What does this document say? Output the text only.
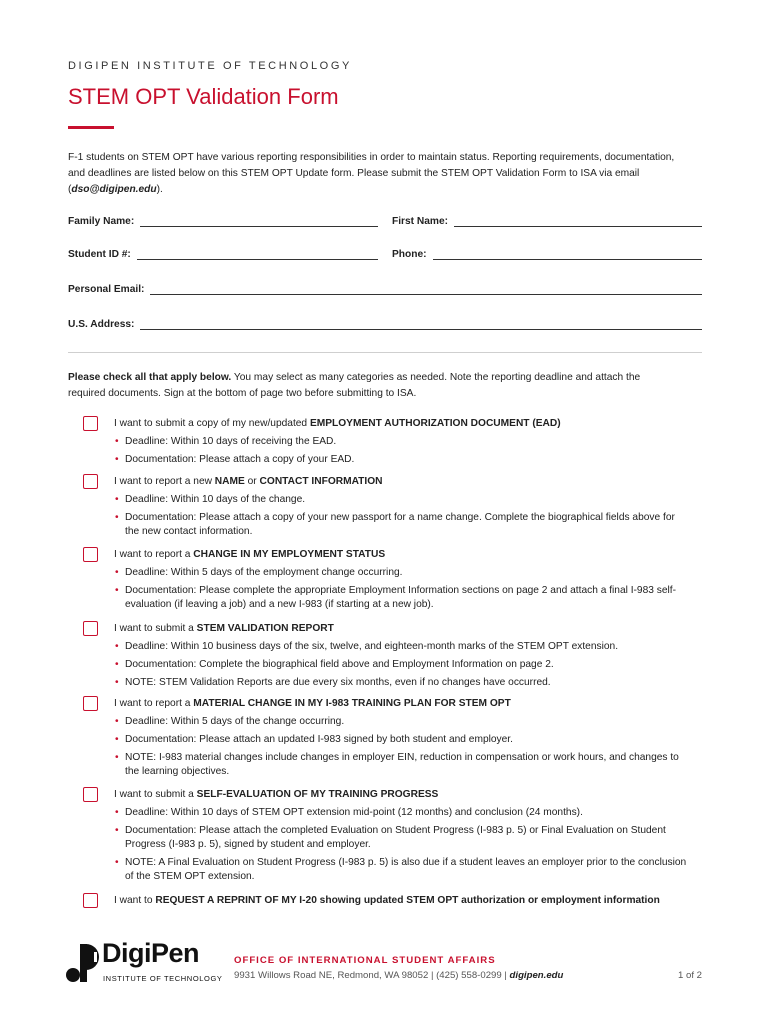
DIGIPEN INSTITUTE OF TECHNOLOGY
STEM OPT Validation Form
F-1 students on STEM OPT have various reporting responsibilities in order to maintain status. Reporting requirements, documentation, and deadlines are listed below on this STEM OPT Update form. Please submit the STEM OPT Validation Form to ISA via email (dso@digipen.edu).
Family Name:	First Name:
Student ID #:	Phone:
Personal Email:
U.S. Address:
Please check all that apply below. You may select as many categories as needed. Note the reporting deadline and attach the required documents. Sign at the bottom of page two before submitting to ISA.
I want to submit a copy of my new/updated EMPLOYMENT AUTHORIZATION DOCUMENT (EAD)
• Deadline: Within 10 days of receiving the EAD.
• Documentation: Please attach a copy of your EAD.
I want to report a new NAME or CONTACT INFORMATION
• Deadline: Within 10 days of the change.
• Documentation: Please attach a copy of your new passport for a name change. Complete the biographical fields above for the new contact information.
I want to report a CHANGE IN MY EMPLOYMENT STATUS
• Deadline: Within 5 days of the employment change occurring.
• Documentation: Please complete the appropriate Employment Information sections on page 2 and attach a final I-983 self-evaluation (if leaving a job) and a new I-983 (if starting at a new job).
I want to submit a STEM VALIDATION REPORT
• Deadline: Within 10 business days of the six, twelve, and eighteen-month marks of the STEM OPT extension.
• Documentation: Complete the biographical field above and Employment Information on page 2.
• NOTE: STEM Validation Reports are due every six months, even if no changes have occurred.
I want to report a MATERIAL CHANGE IN MY I-983 TRAINING PLAN FOR STEM OPT
• Deadline: Within 5 days of the change occurring.
• Documentation: Please attach an updated I-983 signed by both student and employer.
• NOTE: I-983 material changes include changes in employer EIN, reduction in compensation or work hours, and changes to the learning objectives.
I want to submit a SELF-EVALUATION OF MY TRAINING PROGRESS
• Deadline: Within 10 days of STEM OPT extension mid-point (12 months) and conclusion (24 months).
• Documentation: Please attach the completed Evaluation on Student Progress (I-983 p. 5) or Final Evaluation on Student Progress (I-983 p. 5), signed by student and employer.
• NOTE: A Final Evaluation on Student Progress (I-983 p. 5) is also due if a student leaves an employer prior to the conclusion of the STEM OPT extension.
I want to REQUEST A REPRINT OF MY I-20 showing updated STEM OPT authorization or employment information
DigiPen
INSTITUTE OF TECHNOLOGY
OFFICE OF INTERNATIONAL STUDENT AFFAIRS
9931 Willows Road NE, Redmond, WA 98052 | (425) 558-0299 | digipen.edu	1 of 2
